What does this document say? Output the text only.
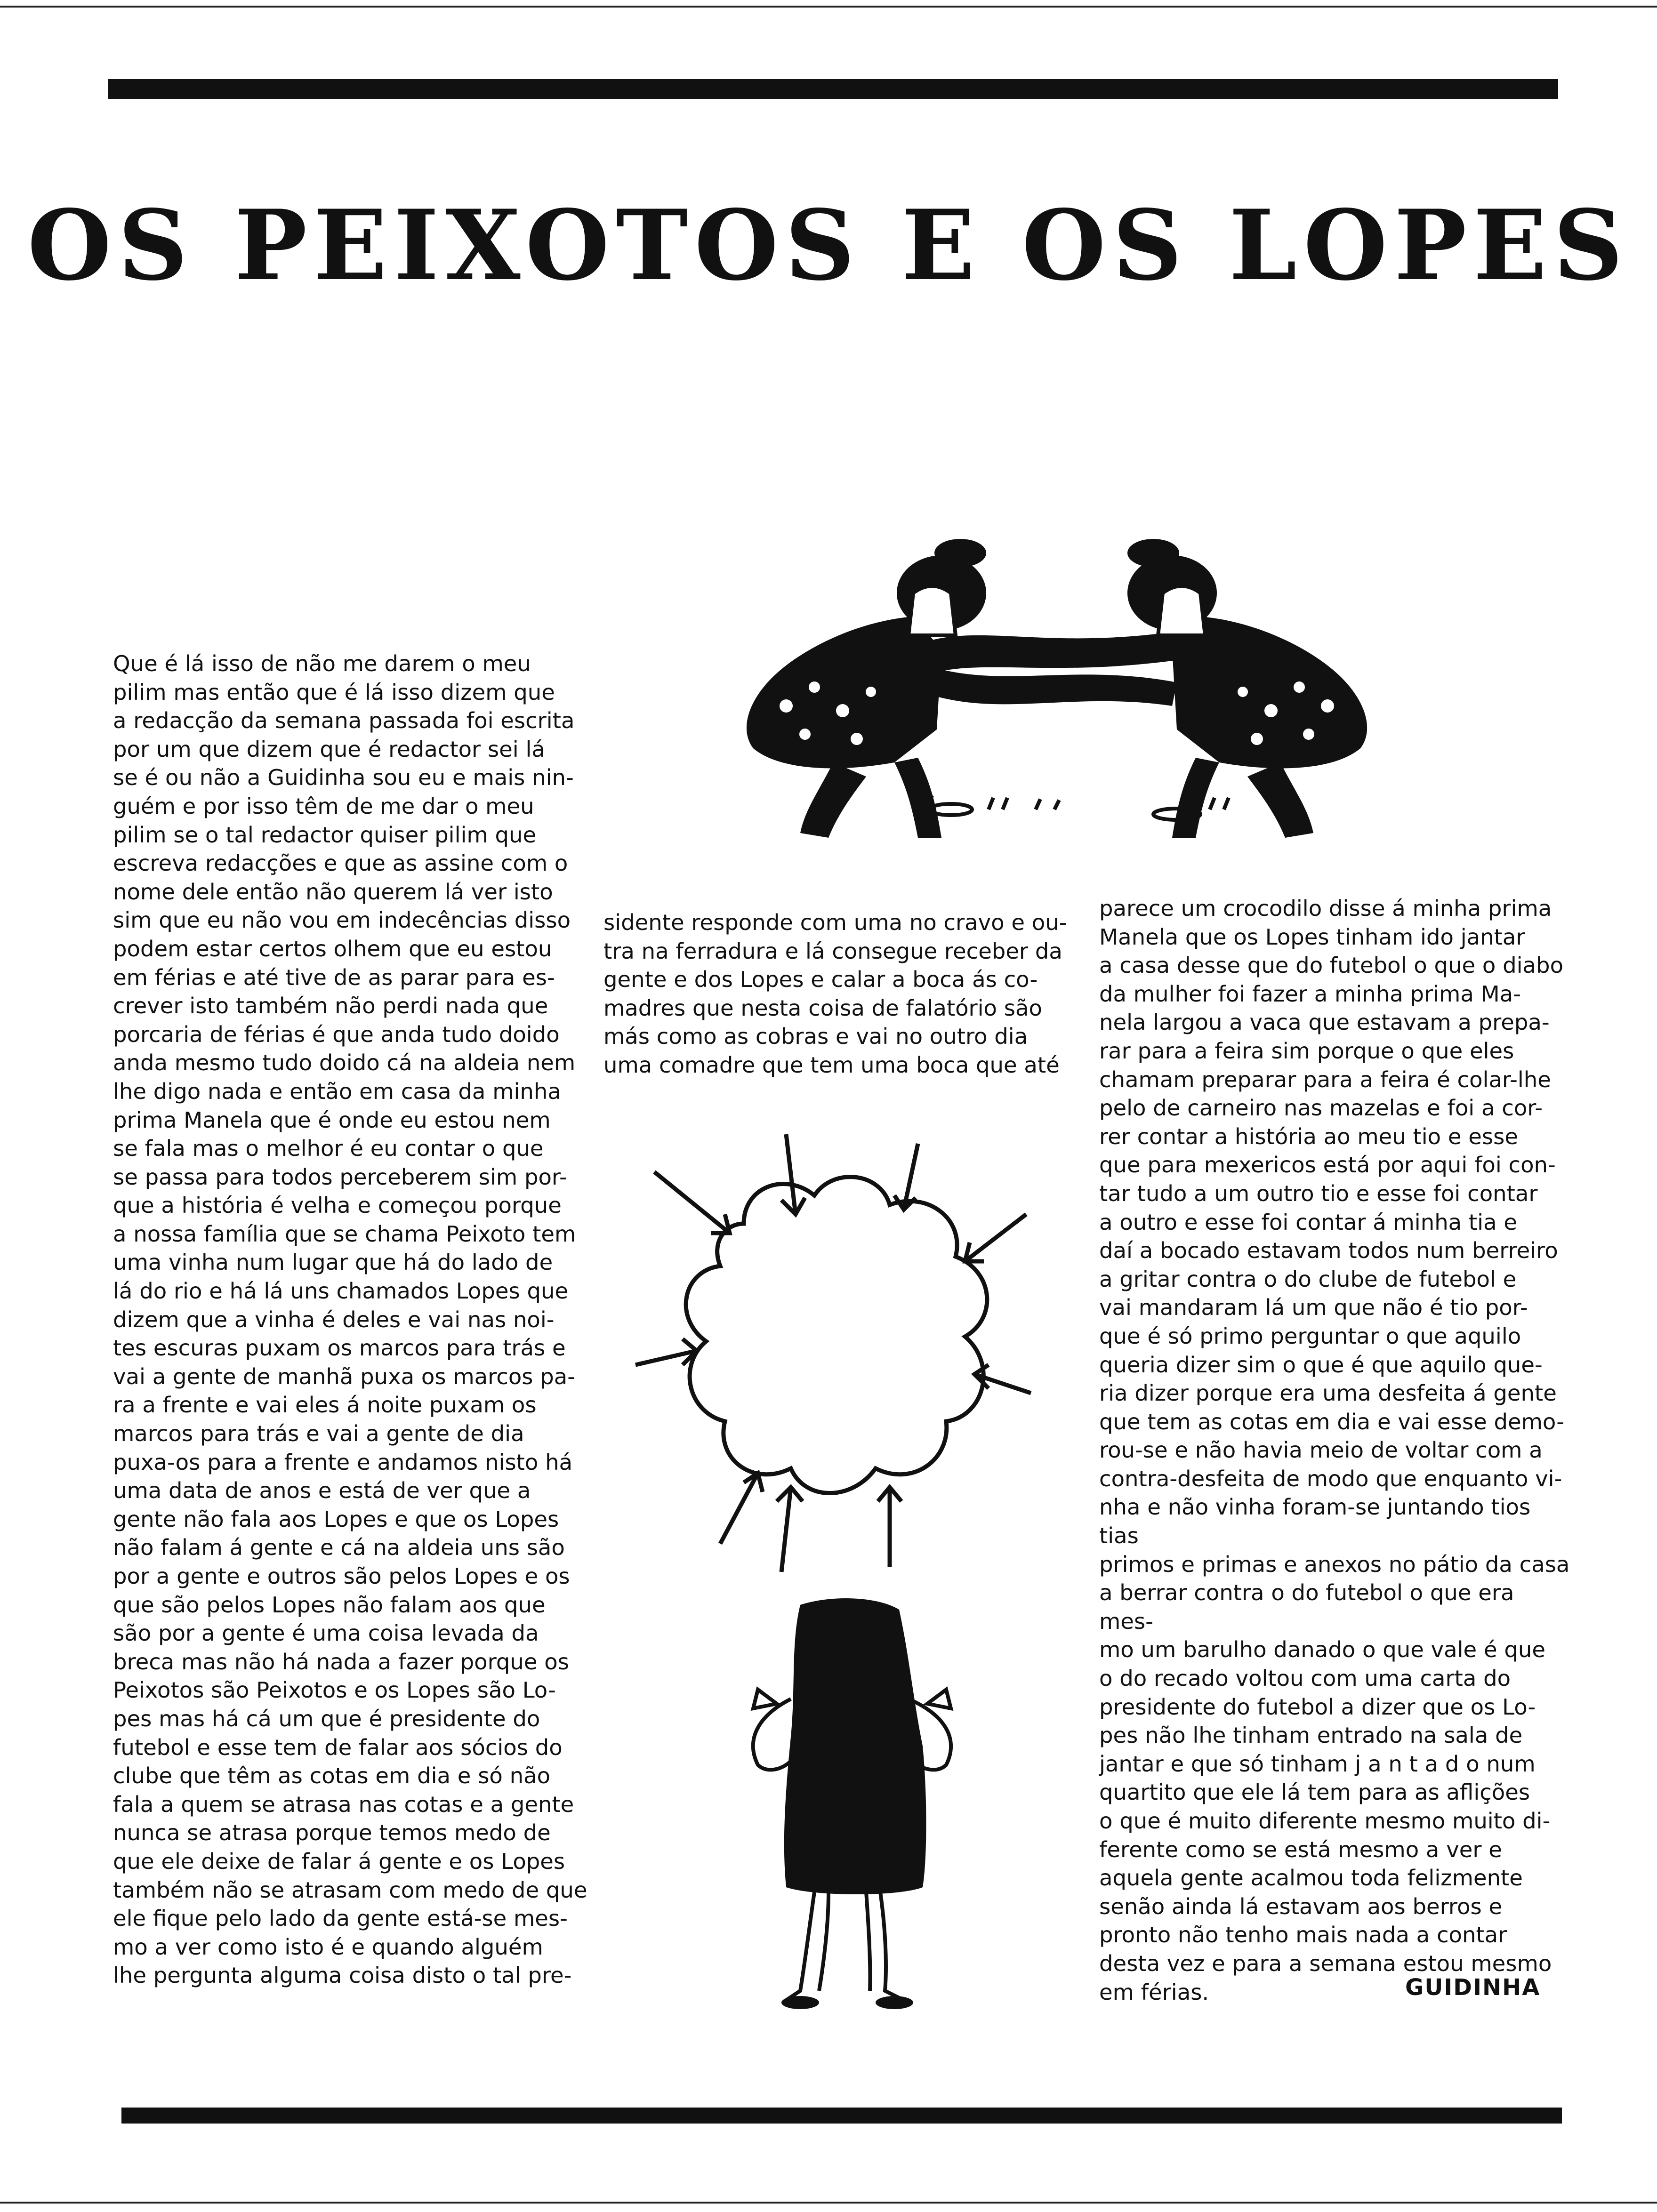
OS PEIXOTOS E OS LOPES

Que é lá isso de não me darem o meu
pilim mas então que é lá isso dizem que
a redacção da semana passada foi escrita
por um que dizem que é redactor sei lá
se é ou não a Guidinha sou eu e mais nin-
guém e por isso têm de me dar o meu
pilim se o tal redactor quiser pilim que
escreva redacções e que as assine com o
nome dele então não querem lá ver isto
sim que eu não vou em indecências disso
podem estar certos olhem que eu estou
em férias e até tive de as parar para es-
crever isto também não perdi nada que
porcaria de férias é que anda tudo doido
anda mesmo tudo doido cá na aldeia nem
lhe digo nada e então em casa da minha
prima Manela que é onde eu estou nem
se fala mas o melhor é eu contar o que
se passa para todos perceberem sim por-
que a história é velha e começou porque
a nossa família que se chama Peixoto tem
uma vinha num lugar que há do lado de
lá do rio e há lá uns chamados Lopes que
dizem que a vinha é deles e vai nas noi-
tes escuras puxam os marcos para trás e
vai a gente de manhã puxa os marcos pa-
ra a frente e vai eles á noite puxam os
marcos para trás e vai a gente de dia
puxa-os para a frente e andamos nisto há
uma data de anos e está de ver que a
gente não fala aos Lopes e que os Lopes
não falam á gente e cá na aldeia uns são
por a gente e outros são pelos Lopes e os
que são pelos Lopes não falam aos que
são por a gente é uma coisa levada da
breca mas não há nada a fazer porque os
Peixotos são Peixotos e os Lopes são Lo-
pes mas há cá um que é presidente do
futebol e esse tem de falar aos sócios do
clube que têm as cotas em dia e só não
fala a quem se atrasa nas cotas e a gente
nunca se atrasa porque temos medo de
que ele deixe de falar á gente e os Lopes
também não se atrasam com medo de que
ele fique pelo lado da gente está-se mes-
mo a ver como isto é e quando alguém
lhe pergunta alguma coisa disto o tal pre-

sidente responde com uma no cravo e ou-
tra na ferradura e lá consegue receber da
gente e dos Lopes e calar a boca ás co-
madres que nesta coisa de falatório são
más como as cobras e vai no outro dia
uma comadre que tem uma boca que até

parece um crocodilo disse á minha prima
Manela que os Lopes tinham ido jantar
a casa desse que do futebol o que o diabo
da mulher foi fazer a minha prima Ma-
nela largou a vaca que estavam a prepa-
rar para a feira sim porque o que eles
chamam preparar para a feira é colar-lhe
pelo de carneiro nas mazelas e foi a cor-
rer contar a história ao meu tio e esse
que para mexericos está por aqui foi con-
tar tudo a um outro tio e esse foi contar
a outro e esse foi contar á minha tia e
daí a bocado estavam todos num berreiro
a gritar contra o do clube de futebol e
vai mandaram lá um que não é tio por-
que é só primo perguntar o que aquilo
queria dizer sim o que é que aquilo que-
ria dizer porque era uma desfeita á gente
que tem as cotas em dia e vai esse demo-
rou-se e não havia meio de voltar com a
contra-desfeita de modo que enquanto vi-
nha e não vinha foram-se juntando tios tias
primos e primas e anexos no pátio da casa
a berrar contra o do futebol o que era mes-
mo um barulho danado o que vale é que
o do recado voltou com uma carta do
presidente do futebol a dizer que os Lo-
pes não lhe tinham entrado na sala de
jantar e que só tinham j a n t a d o num
quartito que ele lá tem para as aflições
o que é muito diferente mesmo muito di-
ferente como se está mesmo a ver e
aquela gente acalmou toda felizmente
senão ainda lá estavam aos berros e
pronto não tenho mais nada a contar
desta vez e para a semana estou mesmo
em férias.	GUIDINHA
